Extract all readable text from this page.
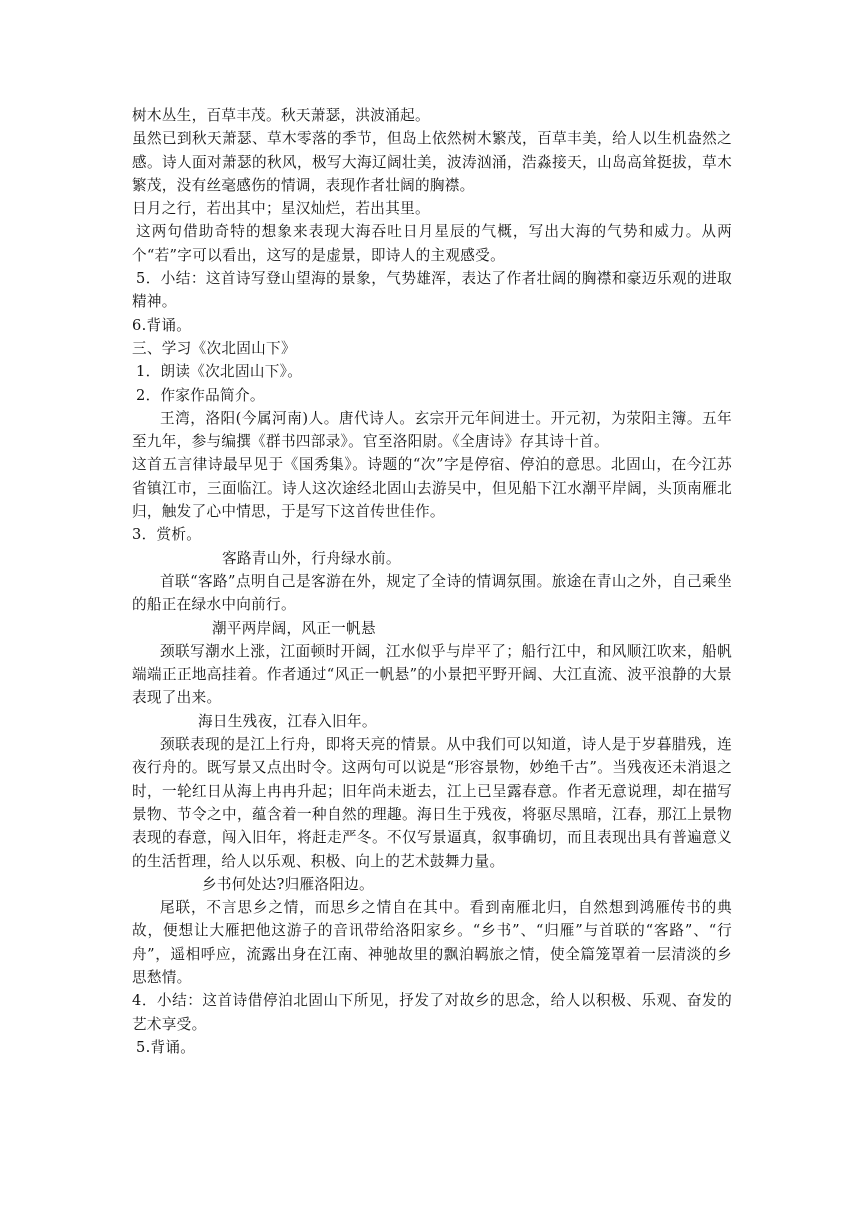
树木丛生，百草丰茂。秋天萧瑟，洪波涌起。

虽然已到秋天萧瑟、草木零落的季节，但岛上依然树木繁茂，百草丰美，给人以生机盎然之感。诗人面对萧瑟的秋风，极写大海辽阔壮美，波涛汹涌，浩淼接天，山岛高耸挺拔，草木繁茂，没有丝毫感伤的情调，表现作者壮阔的胸襟。

日月之行，若出其中；星汉灿烂，若出其里。

这两句借助奇特的想象来表现大海吞吐日月星辰的气概，写出大海的气势和威力。从两个“若”字可以看出，这写的是虚景，即诗人的主观感受。

5．小结：这首诗写登山望海的景象，气势雄浑，表达了作者壮阔的胸襟和豪迈乐观的进取精神。

6.背诵。

三、学习《次北固山下》

1．朗读《次北固山下》。

2．作家作品简介。

王湾，洛阳(今属河南)人。唐代诗人。玄宗开元年间进士。开元初，为荥阳主簿。五年至九年，参与编撰《群书四部录》。官至洛阳尉。《全唐诗》存其诗十首。

这首五言律诗最早见于《国秀集》。诗题的“次”字是停宿、停泊的意思。北固山，在今江苏省镇江市，三面临江。诗人这次途经北固山去游吴中，但见船下江水潮平岸阔，头顶南雁北归，触发了心中情思，于是写下这首传世佳作。

3．赏析。

客路青山外，行舟绿水前。

首联“客路”点明自己是客游在外，规定了全诗的情调氛围。旅途在青山之外，自己乘坐的船正在绿水中向前行。

潮平两岸阔，风正一帆悬

颈联写潮水上涨，江面顿时开阔，江水似乎与岸平了；船行江中，和风顺江吹来，船帆端端正正地高挂着。作者通过“风正一帆悬”的小景把平野开阔、大江直流、波平浪静的大景表现了出来。

海日生残夜，江春入旧年。

颈联表现的是江上行舟，即将天亮的情景。从中我们可以知道，诗人是于岁暮腊残，连夜行舟的。既写景又点出时令。这两句可以说是“形容景物，妙绝千古”。当残夜还未消退之时，一轮红日从海上冉冉升起；旧年尚未逝去，江上已呈露春意。作者无意说理，却在描写景物、节令之中，蕴含着一种自然的理趣。海日生于残夜，将驱尽黑暗，江春，那江上景物表现的春意，闯入旧年，将赶走严冬。不仅写景逼真，叙事确切，而且表现出具有普遍意义的生活哲理，给人以乐观、积极、向上的艺术鼓舞力量。

乡书何处达?归雁洛阳边。

尾联，不言思乡之情，而思乡之情自在其中。看到南雁北归，自然想到鸿雁传书的典故，便想让大雁把他这游子的音讯带给洛阳家乡。“乡书”、“归雁”与首联的“客路”、“行舟”，遥相呼应，流露出身在江南、神驰故里的飘泊羁旅之情，使全篇笼罩着一层清淡的乡思愁情。

4．小结：这首诗借停泊北固山下所见，抒发了对故乡的思念，给人以积极、乐观、奋发的艺术享受。

5.背诵。
